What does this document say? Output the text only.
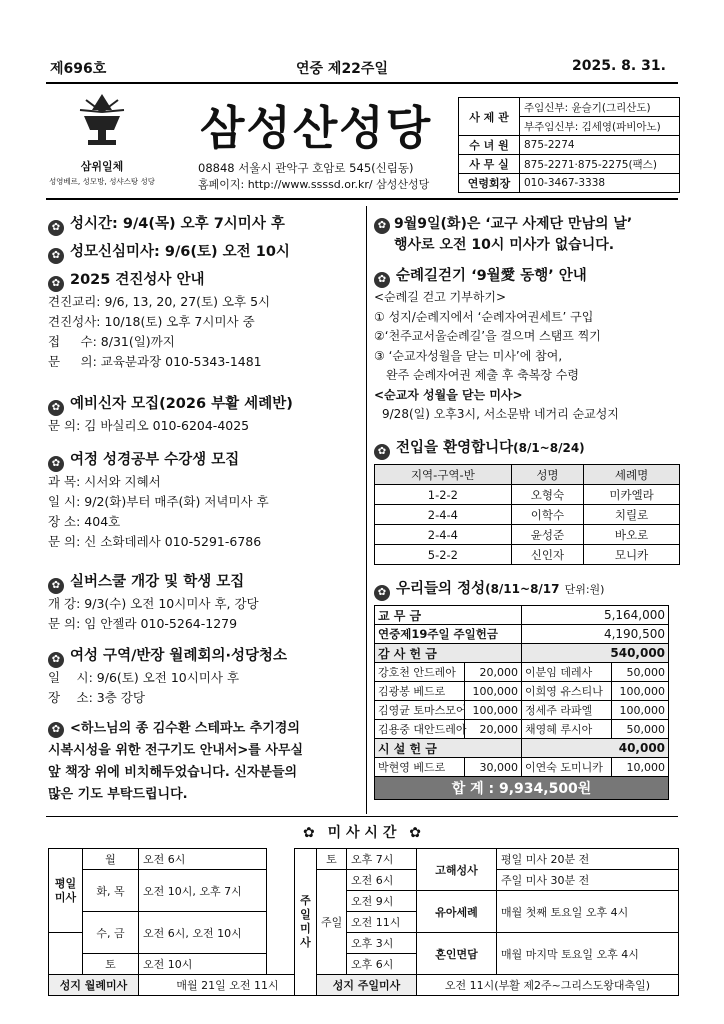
제696호	연중 제22주일	2025. 8. 31.
삼위일체
성영베르, 성모방, 성샤스탕 성당
삼성산성당
08848 서울시 관악구 호암로 545(신림동)
홈페이지: http://www.ssssd.or.kr/ 삼성산성당
사 제 관	주임신부: 윤슬기(그리산도)
	부주임신부: 김세영(파비아노)
수 녀 원	875-2274
사 무 실	875-2271·875-2275(팩스)
연령회장	010-3467-3338
✿ 성시간: 9/4(목) 오후 7시미사 후
✿ 성모신심미사: 9/6(토) 오전 10시
✿ 2025 견진성사 안내
견진교리: 9/6, 13, 20, 27(토) 오후 5시
견진성사: 10/18(토) 오후 7시미사 중
접 　 수: 8/31(일)까지
문 　 의: 교육분과장 010-5343-1481
✿ 예비신자 모집(2026 부활 세례반)
문 의: 김 바실리오 010-6204-4025
✿ 여정 성경공부 수강생 모집
과 목: 시서와 지혜서
일 시: 9/2(화)부터 매주(화) 저녁미사 후
장 소: 404호
문 의: 신 소화데레사 010-5291-6786
✿ 실버스쿨 개강 및 학생 모집
개 강: 9/3(수) 오전 10시미사 후, 강당
문 의: 임 안젤라 010-5264-1279
✿ 여성 구역/반장 월례회의·성당청소
일 　시: 9/6(토) 오전 10시미사 후
장 　소: 3층 강당
✿ <하느님의 종 김수환 스테파노 추기경의
시복시성을 위한 전구기도 안내서>를 사무실
앞 책장 위에 비치해두었습니다. 신자분들의
많은 기도 부탁드립니다.
✿ 9월9일(화)은 ‘교구 사제단 만남의 날’
행사로 오전 10시 미사가 없습니다.
✿ 순례길걷기 ‘9월愛 동행’ 안내
<순례길 걷고 기부하기>
① 성지/순례지에서 ‘순례자여권세트’ 구입
②‘천주교서울순례길’을 걸으며 스탬프 찍기
③ ‘순교자성월을 닫는 미사’에 참여,
　완주 순례자여권 제출 후 축복장 수령
<순교자 성월을 닫는 미사>
9/28(일) 오후3시, 서소문밖 네거리 순교성지
✿ 전입을 환영합니다(8/1~8/24)
지역-구역-반	성명	세례명
1-2-2	오형숙	미카엘라
2-4-4	이학수	치릴로
2-4-4	윤성준	바오로
5-2-2	신인자	모니카
✿ 우리들의 정성(8/11~8/17 단위:원)
교 무 금		5,164,000	
연중제19주일 주일헌금		4,190,500	
감 사 헌 금		540,000	
강호천 안드레아	20,000	이분임 데레사	50,000
김광봉 베드로	100,000	이희영 유스티나	100,000
김영균 토마스모어	100,000	정세주 라파엘	100,000
김용중 대안드레아	20,000	채영혜 루시아	50,000
시 설 헌 금		40,000	
박현영 베드로	30,000	이연숙 도미니카	10,000
합 계 : 9,934,500원			
✿ 미 사 시 간 ✿
평일미사	월	오전 6시		주일미사	토	오후 7시	고해성사	평일 미사 20분 전
	화, 목	오전 10시, 오후 7시			주일	오전 6시		주일 미사 30분 전
						오전 9시	유아세례	매월 첫째 토요일 오후 4시
	수, 금	오전 6시, 오전 10시				오전 11시		
						오후 3시	혼인면담	매월 마지막 토요일 오후 4시
	토	오전 10시				오후 6시		
성지 월례미사		매월 21일 오전 11시			성지 주일미사		오전 11시(부활 제2주~그리스도왕대축일)	
